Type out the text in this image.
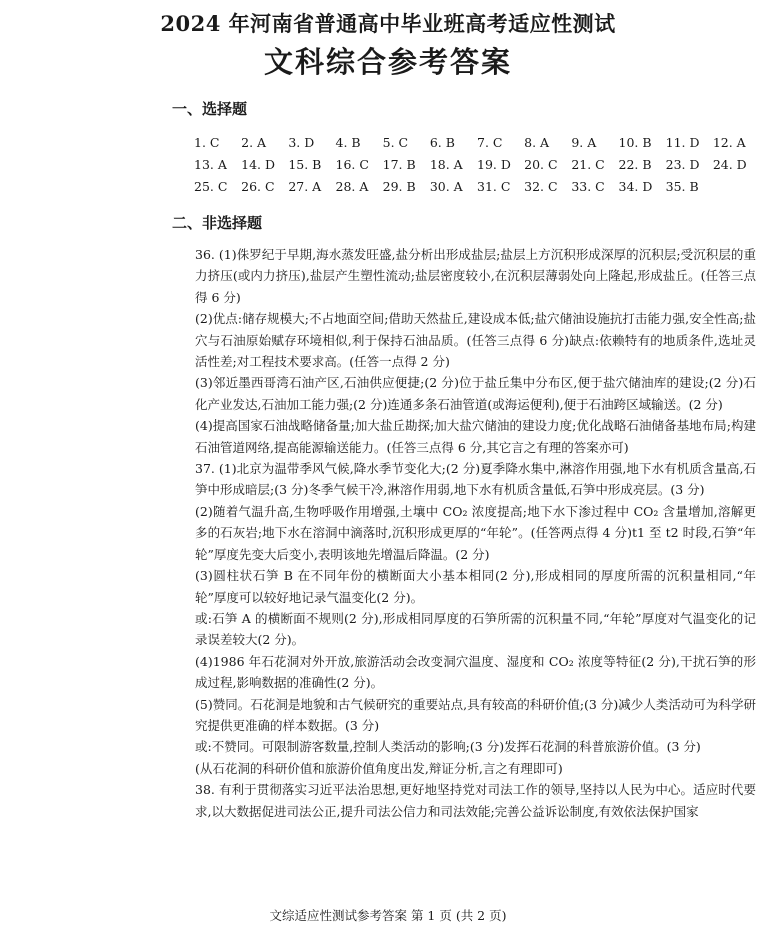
2024 年河南省普通高中毕业班高考适应性测试
文科综合参考答案
一、选择题
1. C	2. A	3. D	4. B	5. C	6. B	7. C	8. A	9. A	10. B	11. D	12. A
13. A	14. D	15. B	16. C	17. B	18. A	19. D	20. C	21. C	22. B	23. D	24. D
25. C	26. C	27. A	28. A	29. B	30. A	31. C	32. C	33. C	34. D	35. B
二、非选择题

36. (1)侏罗纪于早期,海水蒸发旺盛,盐分析出形成盐层;盐层上方沉积形成深厚的沉积层;受沉积层的重力挤压(或内力挤压),盐层产生塑性流动;盐层密度较小,在沉积层薄弱处向上隆起,形成盐丘。(任答三点得 6 分)

(2)优点:储存规模大;不占地面空间;借助天然盐丘,建设成本低;盐穴储油设施抗打击能力强,安全性高;盐穴与石油原始赋存环境相似,利于保持石油品质。(任答三点得 6 分)缺点:依赖特有的地质条件,选址灵活性差;对工程技术要求高。(任答一点得 2 分)

(3)邻近墨西哥湾石油产区,石油供应便捷;(2 分)位于盐丘集中分布区,便于盐穴储油库的建设;(2 分)石化产业发达,石油加工能力强;(2 分)连通多条石油管道(或海运便利),便于石油跨区域输送。(2 分)

(4)提高国家石油战略储备量;加大盐丘勘探;加大盐穴储油的建设力度;优化战略石油储备基地布局;构建石油管道网络,提高能源输送能力。(任答三点得 6 分,其它言之有理的答案亦可)

37. (1)北京为温带季风气候,降水季节变化大;(2 分)夏季降水集中,淋溶作用强,地下水有机质含量高,石笋中形成暗层;(3 分)冬季气候干冷,淋溶作用弱,地下水有机质含量低,石笋中形成亮层。(3 分)

(2)随着气温升高,生物呼吸作用增强,土壤中 CO₂ 浓度提高;地下水下渗过程中 CO₂ 含量增加,溶解更多的石灰岩;地下水在溶洞中滴落时,沉积形成更厚的“年轮”。(任答两点得 4 分)t1 至 t2 时段,石笋“年轮”厚度先变大后变小,表明该地先增温后降温。(2 分)

(3)圆柱状石笋 B 在不同年份的横断面大小基本相同(2 分),形成相同的厚度所需的沉积量相同,“年轮”厚度可以较好地记录气温变化(2 分)。

或:石笋 A 的横断面不规则(2 分),形成相同厚度的石笋所需的沉积量不同,“年轮”厚度对气温变化的记录误差较大(2 分)。

(4)1986 年石花洞对外开放,旅游活动会改变洞穴温度、湿度和 CO₂ 浓度等特征(2 分),干扰石笋的形成过程,影响数据的准确性(2 分)。

(5)赞同。石花洞是地貌和古气候研究的重要站点,具有较高的科研价值;(3 分)减少人类活动可为科学研究提供更准确的样本数据。(3 分)

或:不赞同。可限制游客数量,控制人类活动的影响;(3 分)发挥石花洞的科普旅游价值。(3 分)

(从石花洞的科研价值和旅游价值角度出发,辩证分析,言之有理即可)

38. 有利于贯彻落实习近平法治思想,更好地坚持党对司法工作的领导,坚持以人民为中心。适应时代要求,以大数据促进司法公正,提升司法公信力和司法效能;完善公益诉讼制度,有效依法保护国家

文综适应性测试参考答案 第 1 页 (共 2 页)
